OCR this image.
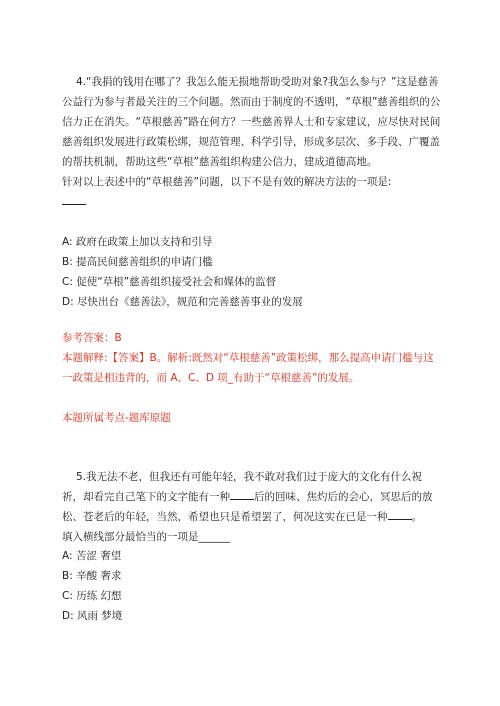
4.“我捐的钱用在哪了？我怎么能无损地帮助受助对象?我怎么参与？”这是慈善公益行为参与者最关注的三个问题。然而由于制度的不透明，“草根”慈善组织的公信力正在消失。“草根慈善”路在何方？一些慈善界人士和专家建议，应尽快对民间慈善组织发展进行政策松绑，规范管理、科学引导，形成多层次、多手段、广覆盖的帮扶机制，帮助这些“草根”慈善组织构建公信力，建成道德高地。
针对以上表述中的“草根慈善”问题，以下不是有效的解决方法的一项是:
A: 政府在政策上加以支持和引导
B: 提高民间慈善组织的申请门槛
C: 促使“草根”慈善组织接受社会和媒体的监督
D: 尽快出台《慈善法》，规范和完善慈善事业的发展
参考答案：B
本题解释:【答案】B。解析:既然对“草根慈善”政策松绑，那么提高申请门槛与这一政策是相违背的，而 A、C、D 项_有助于“草根慈善”的发展。
本题所属考点-题库原题
5.我无法不老，但我还有可能年轻，我不敢对我们过于庞大的文化有什么祝祈，却看完自己笔下的文字能有一种 后的回味、焦灼后的会心，冥思后的放松、苍老后的年轻，当然，希望也只是希望罢了，何况这实在已是一种 。
填入横线部分最恰当的一项是______
A: 苦涩 奢望
B: 辛酸 奢求
C: 历练 幻想
D: 风雨 梦境
